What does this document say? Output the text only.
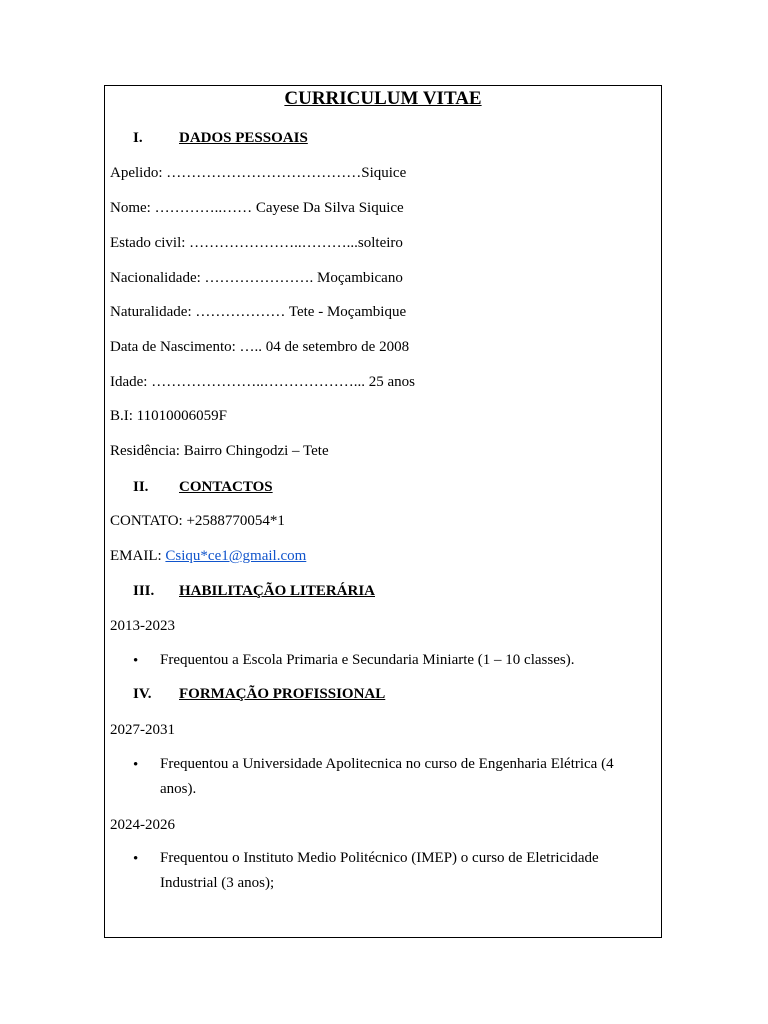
CURRICULUM VITAE
I. DADOS PESSOAIS
Apelido: …………………………………Siquice
Nome: …………..…… Cayese Da Silva Siquice
Estado civil: …………………..………...solteiro
Nacionalidade: …………………. Moçambicano
Naturalidade: ……………… Tete - Moçambique
Data de Nascimento: ….. 04 de setembro de 2008
Idade: …………………..………………... 25 anos
B.I: 11010006059F
Residência: Bairro Chingodzi – Tete
II. CONTACTOS
CONTATO: +2588770054*1
EMAIL: Csiqu*ce1@gmail.com
III. HABILITAÇÃO LITERÁRIA
2013-2023
• Frequentou a Escola Primaria e Secundaria Miniarte (1 – 10 classes).
IV. FORMAÇÃO PROFISSIONAL
2027-2031
• Frequentou a Universidade Apolitecnica no curso de Engenharia Elétrica (4 anos).
2024-2026
• Frequentou o Instituto Medio Politécnico (IMEP) o curso de Eletricidade Industrial (3 anos);
